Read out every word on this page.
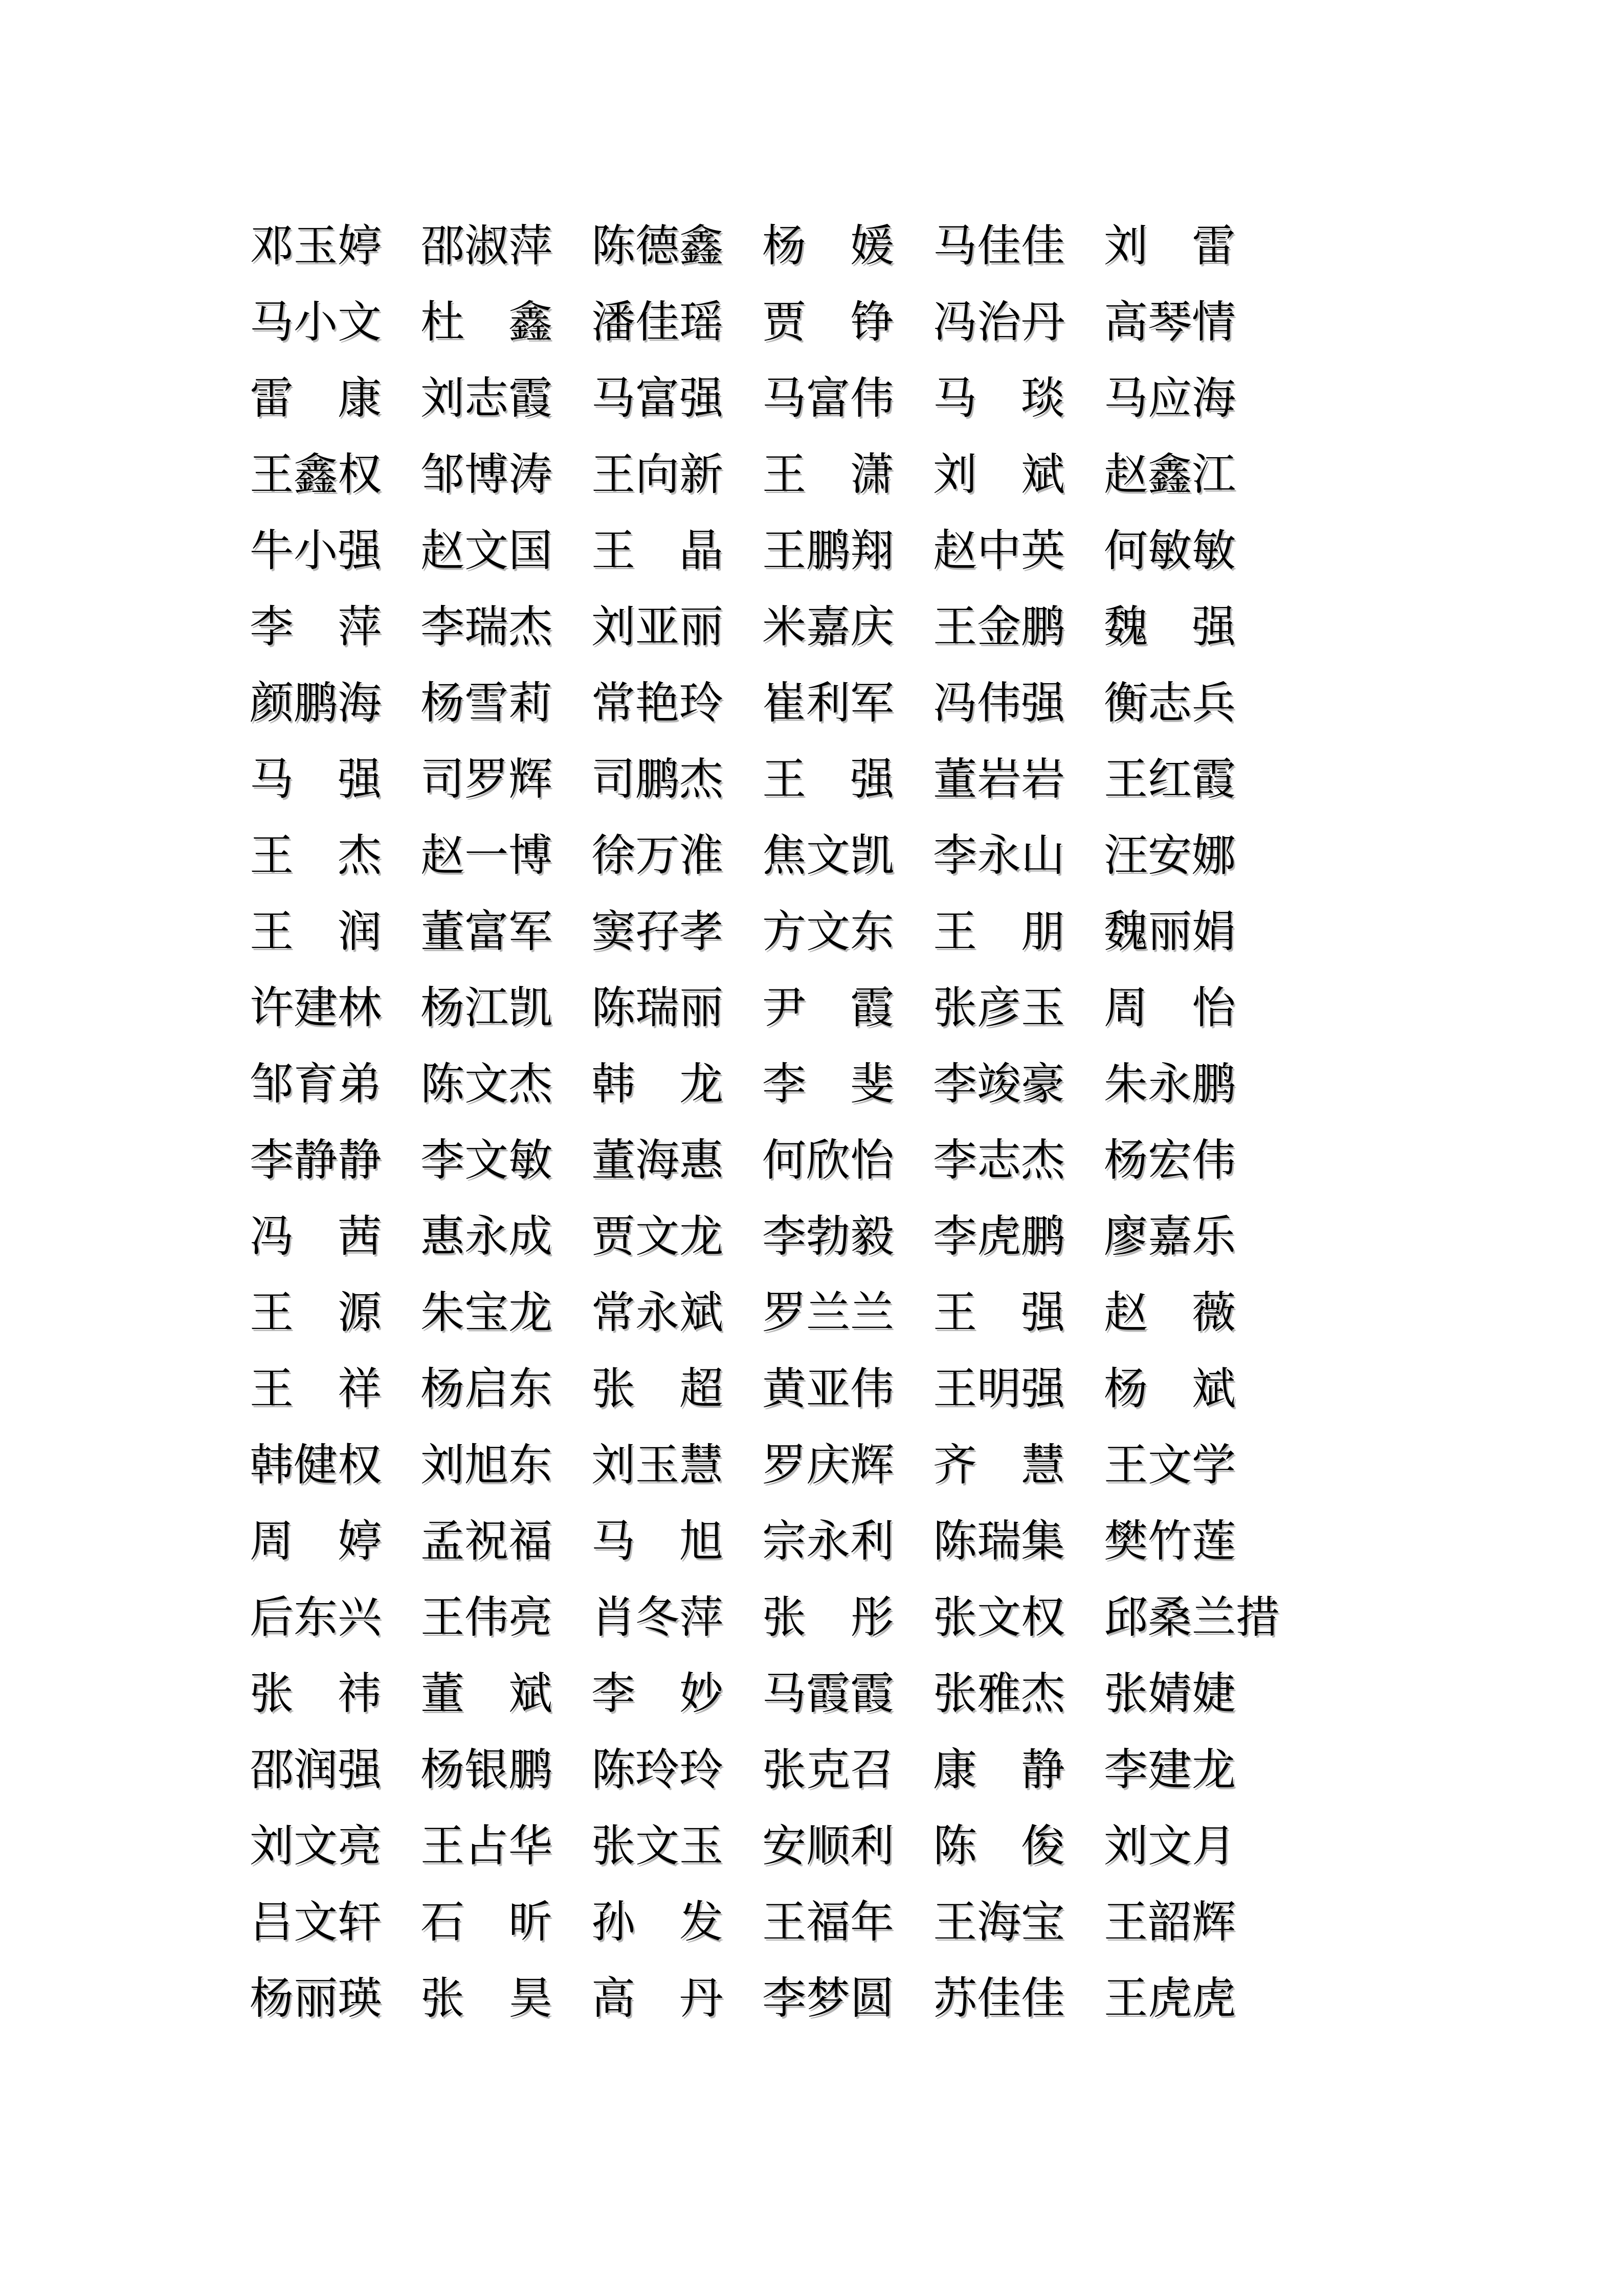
邓玉婷 邵淑萍 陈德鑫 杨　媛 马佳佳 刘　雷
马小文 杜　鑫 潘佳瑶 贾　铮 冯治丹 高琴情
雷　康 刘志霞 马富强 马富伟 马　琰 马应海
王鑫权 邹博涛 王向新 王　潇 刘　斌 赵鑫江
牛小强 赵文国 王　晶 王鹏翔 赵中英 何敏敏
李　萍 李瑞杰 刘亚丽 米嘉庆 王金鹏 魏　强
颜鹏海 杨雪莉 常艳玲 崔利军 冯伟强 衡志兵
马　强 司罗辉 司鹏杰 王　强 董岩岩 王红霞
王　杰 赵一博 徐万淮 焦文凯 李永山 汪安娜
王　润 董富军 窦孖孝 方文东 王　朋 魏丽娟
许建林 杨江凯 陈瑞丽 尹　霞 张彦玉 周　怡
邹育弟 陈文杰 韩　龙 李　斐 李竣豪 朱永鹏
李静静 李文敏 董海惠 何欣怡 李志杰 杨宏伟
冯　茜 惠永成 贾文龙 李勃毅 李虎鹏 廖嘉乐
王　源 朱宝龙 常永斌 罗兰兰 王　强 赵　薇
王　祥 杨启东 张　超 黄亚伟 王明强 杨　斌
韩健权 刘旭东 刘玉慧 罗庆辉 齐　慧 王文学
周　婷 孟祝福 马　旭 宗永利 陈瑞集 樊竹莲
后东兴 王伟亮 肖冬萍 张　彤 张文权 邱桑兰措
张　祎 董　斌 李　妙 马霞霞 张雅杰 张婧婕
邵润强 杨银鹏 陈玲玲 张克召 康　静 李建龙
刘文亮 王占华 张文玉 安顺利 陈　俊 刘文月
吕文轩 石　昕 孙　发 王福年 王海宝 王韶辉
杨丽瑛 张　昊 高　丹 李梦圆 苏佳佳 王虎虎
